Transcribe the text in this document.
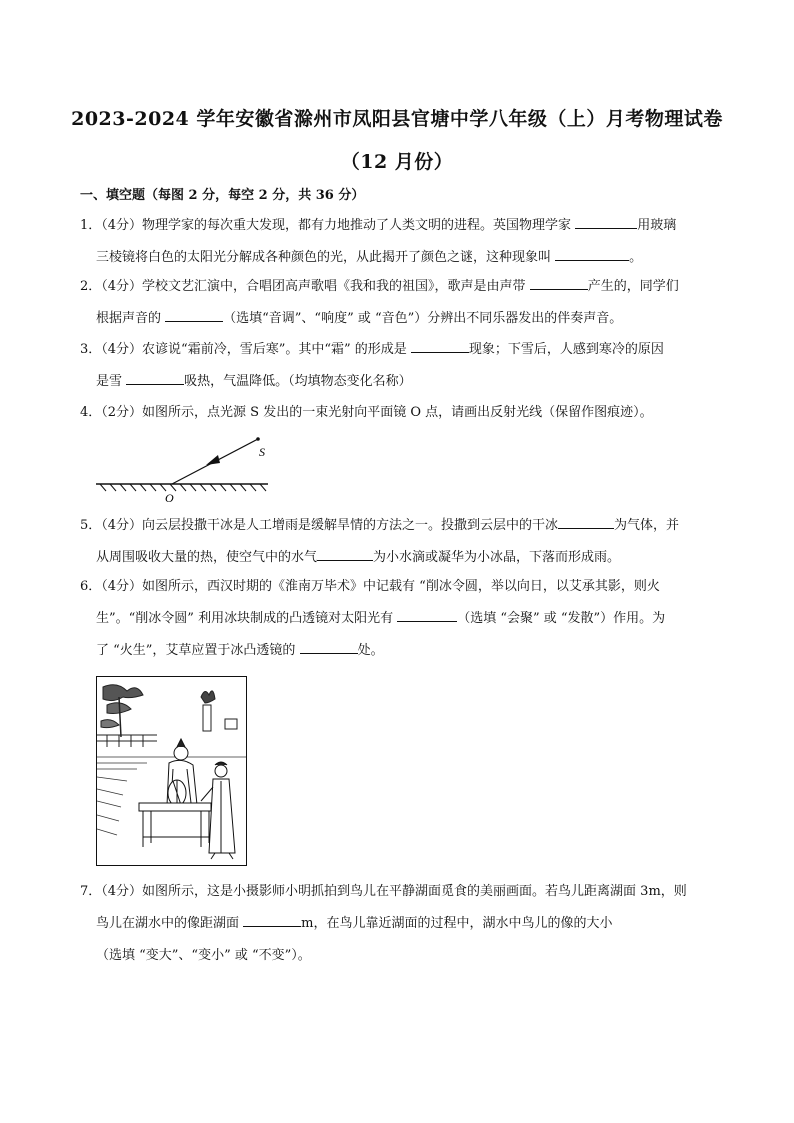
2023-2024 学年安徽省滁州市凤阳县官塘中学八年级（上）月考物理试卷
（12 月份）
一、填空题（每图 2 分，每空 2 分，共 36 分）
1．（4分）物理学家的每次重大发现，都有力地推动了人类文明的进程。英国物理学家	用玻璃
三棱镜将白色的太阳光分解成各种颜色的光，从此揭开了颜色之谜，这种现象叫	。
2．（4分）学校文艺汇演中，合唱团高声歌唱《我和我的祖国》，歌声是由声带	产生的，同学们
根据声音的	（选填“音调”、“响度” 或 “音色”）分辨出不同乐器发出的伴奏声音。
3．（4分）农谚说“霜前冷，雪后寒”。其中“霜” 的形成是	现象；下雪后，人感到寒冷的原因
是雪	吸热，气温降低。（均填物态变化名称）
4．（2分）如图所示，点光源 S 发出的一束光射向平面镜 O 点，请画出反射光线（保留作图痕迹）。
S
O
5．（4分）向云层投撒干冰是人工增雨是缓解旱情的方法之一。投撒到云层中的干冰	为气体，并
从周围吸收大量的热，使空气中的水气	为小水滴或凝华为小冰晶，下落而形成雨。
6．（4分）如图所示，西汉时期的《淮南万毕术》中记载有 “削冰令圆，举以向日，以艾承其影，则火
生”。“削冰令圆” 利用冰块制成的凸透镜对太阳光有	（选填 “会聚” 或 “发散”）作用。为
了 “火生”，艾草应置于冰凸透镜的	处。
7．（4分）如图所示，这是小摄影师小明抓拍到鸟儿在平静湖面觅食的美丽画面。若鸟儿距离湖面 3m，则
鸟儿在湖水中的像距湖面	m，在鸟儿靠近湖面的过程中，湖水中鸟儿的像的大小
（选填 “变大”、“变小” 或 “不变”）。
